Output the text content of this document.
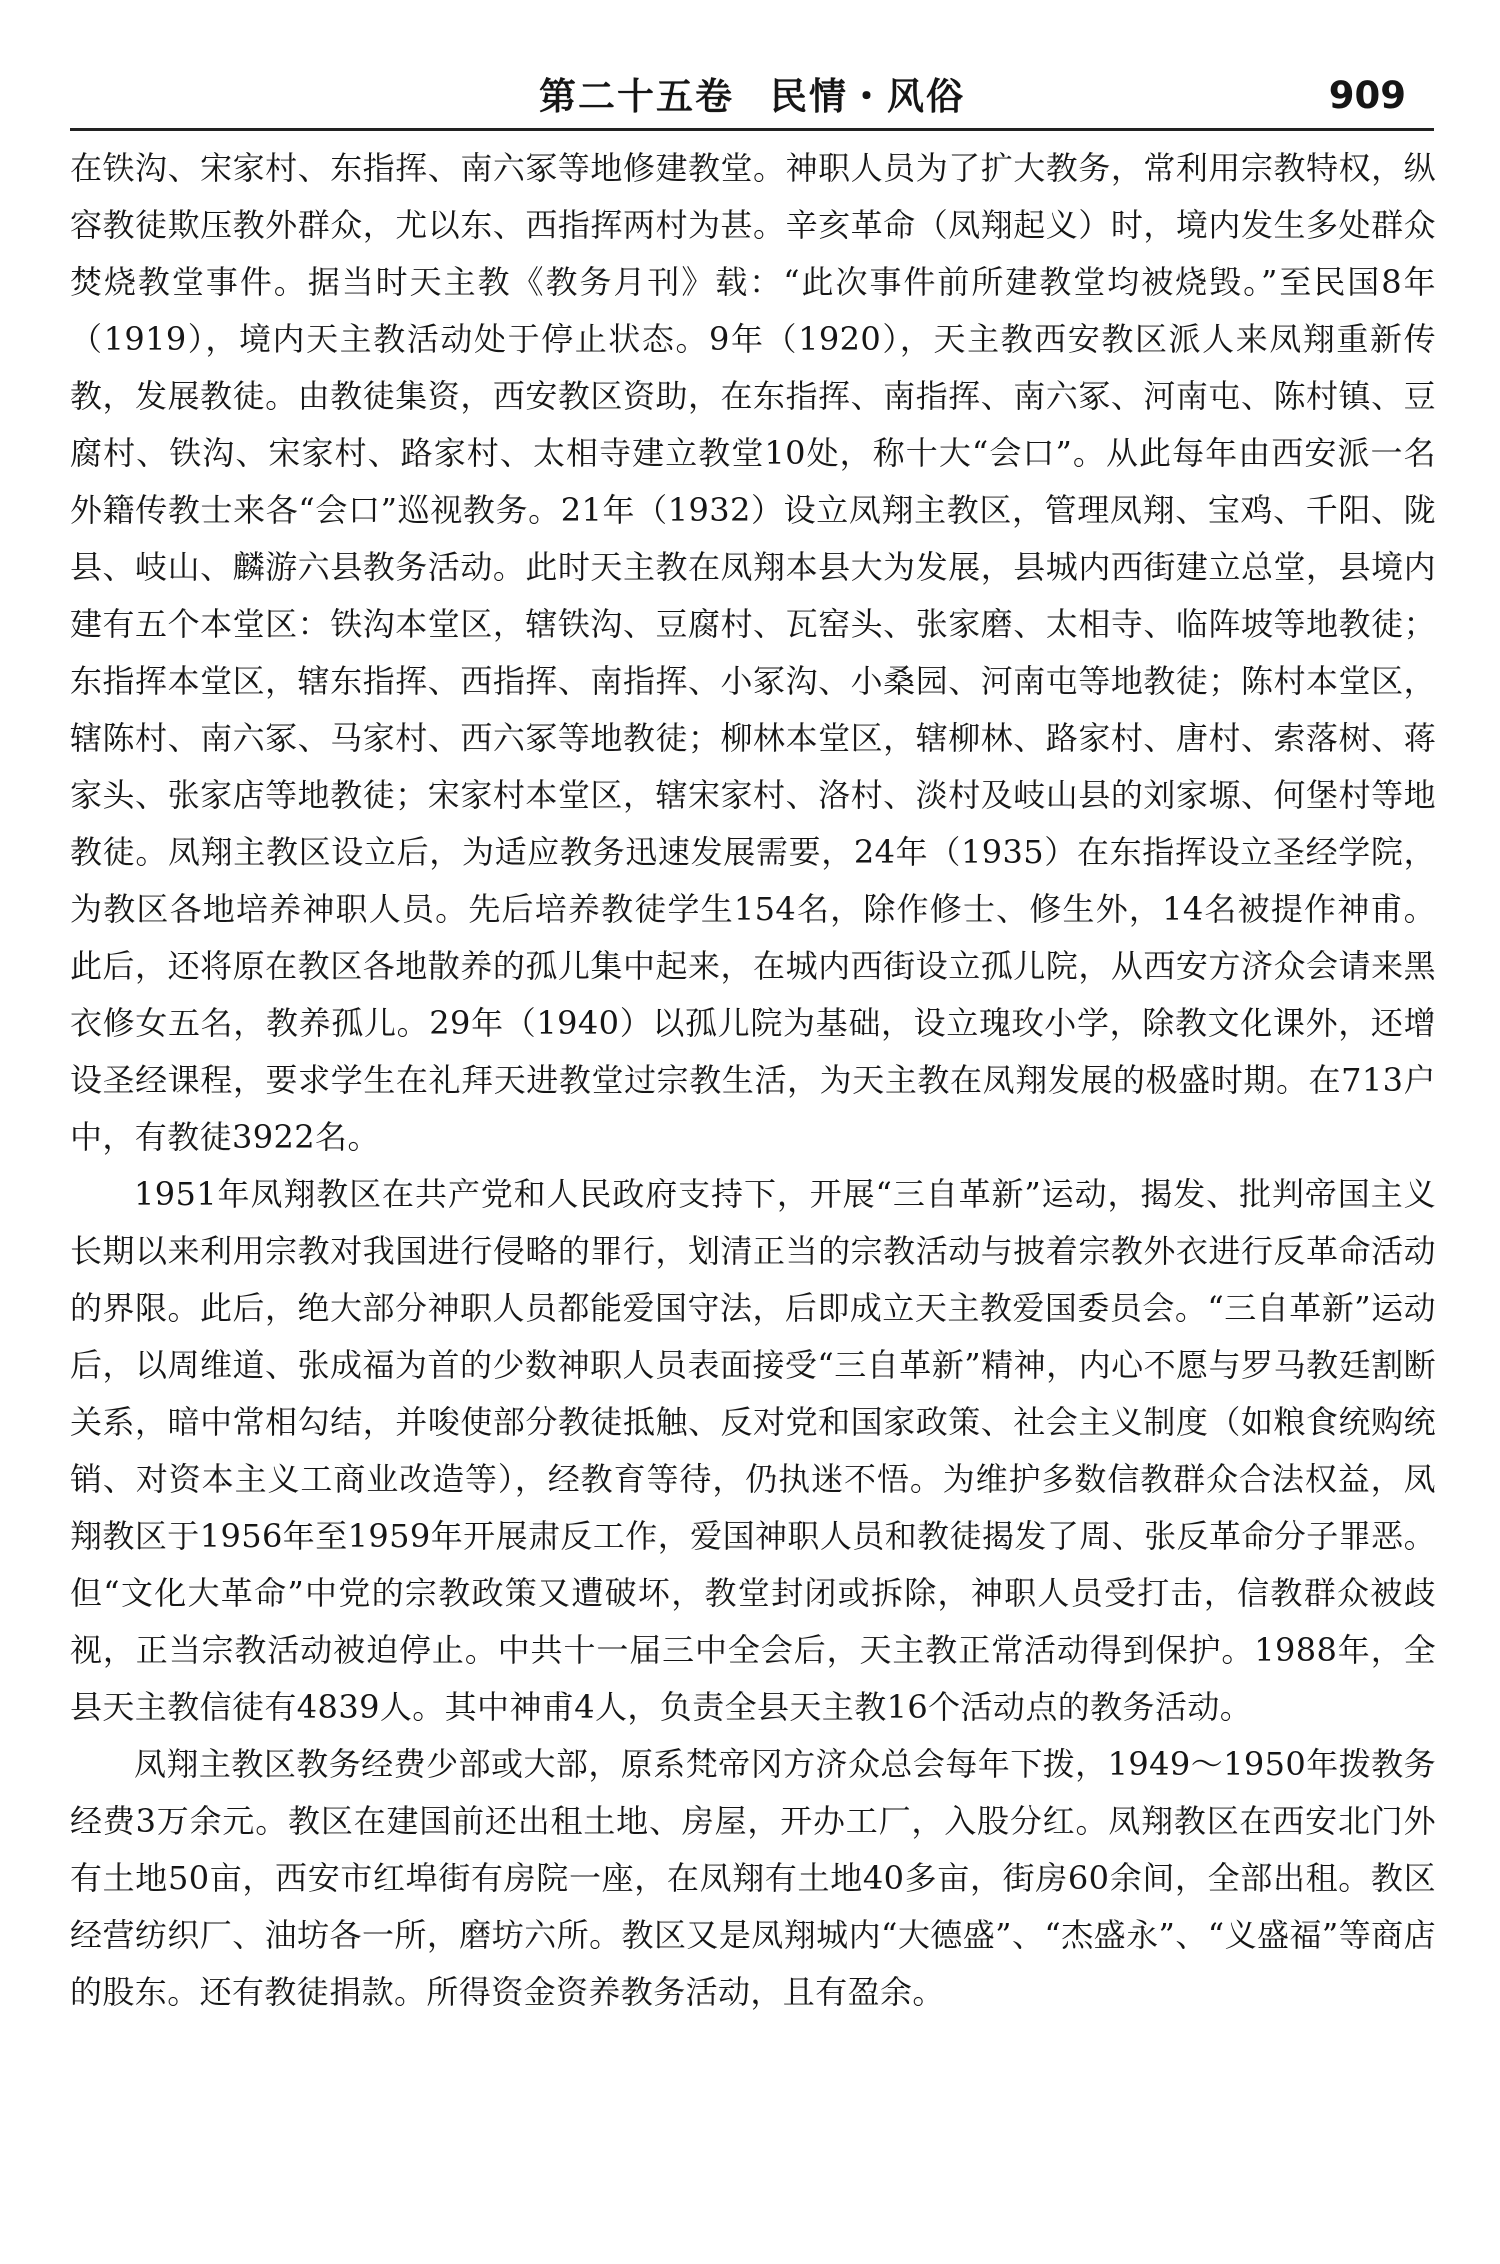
第二十五卷 民情・风俗	909

在铁沟、宋家村、东指挥、南六冢等地修建教堂。神职人员为了扩大教务，常利用宗教特权，纵容教徒欺压教外群众，尤以东、西指挥两村为甚。辛亥革命（凤翔起义）时，境内发生多处群众焚烧教堂事件。据当时天主教《教务月刊》载：“此次事件前所建教堂均被烧毁。”至民国8年（1919），境内天主教活动处于停止状态。9年（1920），天主教西安教区派人来凤翔重新传教，发展教徒。由教徒集资，西安教区资助，在东指挥、南指挥、南六冢、河南屯、陈村镇、豆腐村、铁沟、宋家村、路家村、太相寺建立教堂10处，称十大“会口”。从此每年由西安派一名外籍传教士来各“会口”巡视教务。21年（1932）设立凤翔主教区，管理凤翔、宝鸡、千阳、陇县、岐山、麟游六县教务活动。此时天主教在凤翔本县大为发展，县城内西街建立总堂，县境内建有五个本堂区：铁沟本堂区，辖铁沟、豆腐村、瓦窑头、张家磨、太相寺、临阵坡等地教徒；东指挥本堂区，辖东指挥、西指挥、南指挥、小冢沟、小桑园、河南屯等地教徒；陈村本堂区，辖陈村、南六冢、马家村、西六冢等地教徒；柳林本堂区，辖柳林、路家村、唐村、索落树、蒋家头、张家店等地教徒；宋家村本堂区，辖宋家村、洛村、淡村及岐山县的刘家塬、何堡村等地教徒。凤翔主教区设立后，为适应教务迅速发展需要，24年（1935）在东指挥设立圣经学院，为教区各地培养神职人员。先后培养教徒学生154名，除作修士、修生外，14名被提作神甫。此后，还将原在教区各地散养的孤儿集中起来，在城内西街设立孤儿院，从西安方济众会请来黑衣修女五名，教养孤儿。29年（1940）以孤儿院为基础，设立瑰玫小学，除教文化课外，还增设圣经课程，要求学生在礼拜天进教堂过宗教生活，为天主教在凤翔发展的极盛时期。在713户中，有教徒3922名。

1951年凤翔教区在共产党和人民政府支持下，开展“三自革新”运动，揭发、批判帝国主义长期以来利用宗教对我国进行侵略的罪行，划清正当的宗教活动与披着宗教外衣进行反革命活动的界限。此后，绝大部分神职人员都能爱国守法，后即成立天主教爱国委员会。“三自革新”运动后，以周维道、张成福为首的少数神职人员表面接受“三自革新”精神，内心不愿与罗马教廷割断关系，暗中常相勾结，并唆使部分教徒抵触、反对党和国家政策、社会主义制度（如粮食统购统销、对资本主义工商业改造等），经教育等待，仍执迷不悟。为维护多数信教群众合法权益，凤翔教区于1956年至1959年开展肃反工作，爱国神职人员和教徒揭发了周、张反革命分子罪恶。但“文化大革命”中党的宗教政策又遭破坏，教堂封闭或拆除，神职人员受打击，信教群众被歧视，正当宗教活动被迫停止。中共十一届三中全会后，天主教正常活动得到保护。1988年，全县天主教信徒有4839人。其中神甫4人，负责全县天主教16个活动点的教务活动。

凤翔主教区教务经费少部或大部，原系梵帝冈方济众总会每年下拨，1949～1950年拨教务经费3万余元。教区在建国前还出租土地、房屋，开办工厂，入股分红。凤翔教区在西安北门外有土地50亩，西安市红埠街有房院一座，在凤翔有土地40多亩，街房60余间，全部出租。教区经营纺织厂、油坊各一所，磨坊六所。教区又是凤翔城内“大德盛”、“杰盛永”、“义盛福”等商店的股东。还有教徒捐款。所得资金资养教务活动，且有盈余。
